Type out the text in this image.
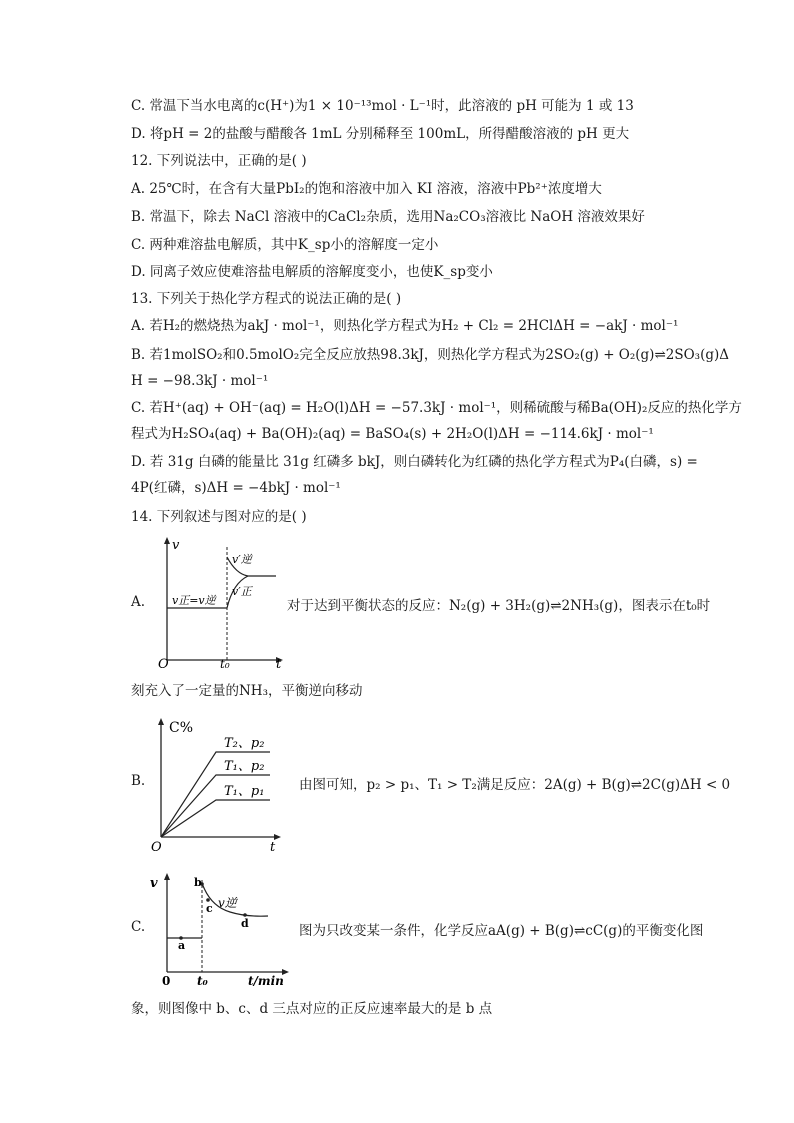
C. 常温下当水电离的c(H⁺)为1 × 10⁻¹³mol · L⁻¹时，此溶液的 pH 可能为 1 或 13
D. 将pH = 2的盐酸与醋酸各 1mL 分别稀释至 100mL，所得醋酸溶液的 pH 更大
12. 下列说法中，正确的是( )
A. 25℃时，在含有大量PbI₂的饱和溶液中加入 KI 溶液，溶液中Pb²⁺浓度增大
B. 常温下，除去 NaCl 溶液中的CaCl₂杂质，选用Na₂CO₃溶液比 NaOH 溶液效果好
C. 两种难溶盐电解质，其中K_sp小的溶解度一定小
D. 同离子效应使难溶盐电解质的溶解度变小，也使K_sp变小
13. 下列关于热化学方程式的说法正确的是( )
A. 若H₂的燃烧热为akJ · mol⁻¹，则热化学方程式为H₂ + Cl₂ = 2HClΔH = −akJ · mol⁻¹
B. 若1molSO₂和0.5molO₂完全反应放热98.3kJ，则热化学方程式为2SO₂(g) + O₂(g)⇌2SO₃(g)Δ
H = −98.3kJ · mol⁻¹
C. 若H⁺(aq) + OH⁻(aq) = H₂O(l)ΔH = −57.3kJ · mol⁻¹，则稀硫酸与稀Ba(OH)₂反应的热化学方
程式为H₂SO₄(aq) + Ba(OH)₂(aq) = BaSO₄(s) + 2H₂O(l)ΔH = −114.6kJ · mol⁻¹
D. 若 31g 白磷的能量比 31g 红磷多 bkJ，则白磷转化为红磷的热化学方程式为P₄(白磷，s) =
4P(红磷，s)ΔH = −4bkJ · mol⁻¹
14. 下列叙述与图对应的是( )
A.
v
t
O	t₀
v正=v逆
v′逆
v′正
对于达到平衡状态的反应：N₂(g) + 3H₂(g)⇌2NH₃(g)，图表示在t₀时
刻充入了一定量的NH₃，平衡逆向移动
B.
C%
t
O
T₂、p₂
T₁、p₂
T₁、p₁	由图可知，p₂ > p₁、T₁ > T₂满足反应：2A(g) + B(g)⇌2C(g)ΔH < 0
C.
v
t/min
0 t₀
a
b
c
d
v逆
图为只改变某一条件，化学反应aA(g) + B(g)⇌cC(g)的平衡变化图
象，则图像中 b、c、d 三点对应的正反应速率最大的是 b 点
